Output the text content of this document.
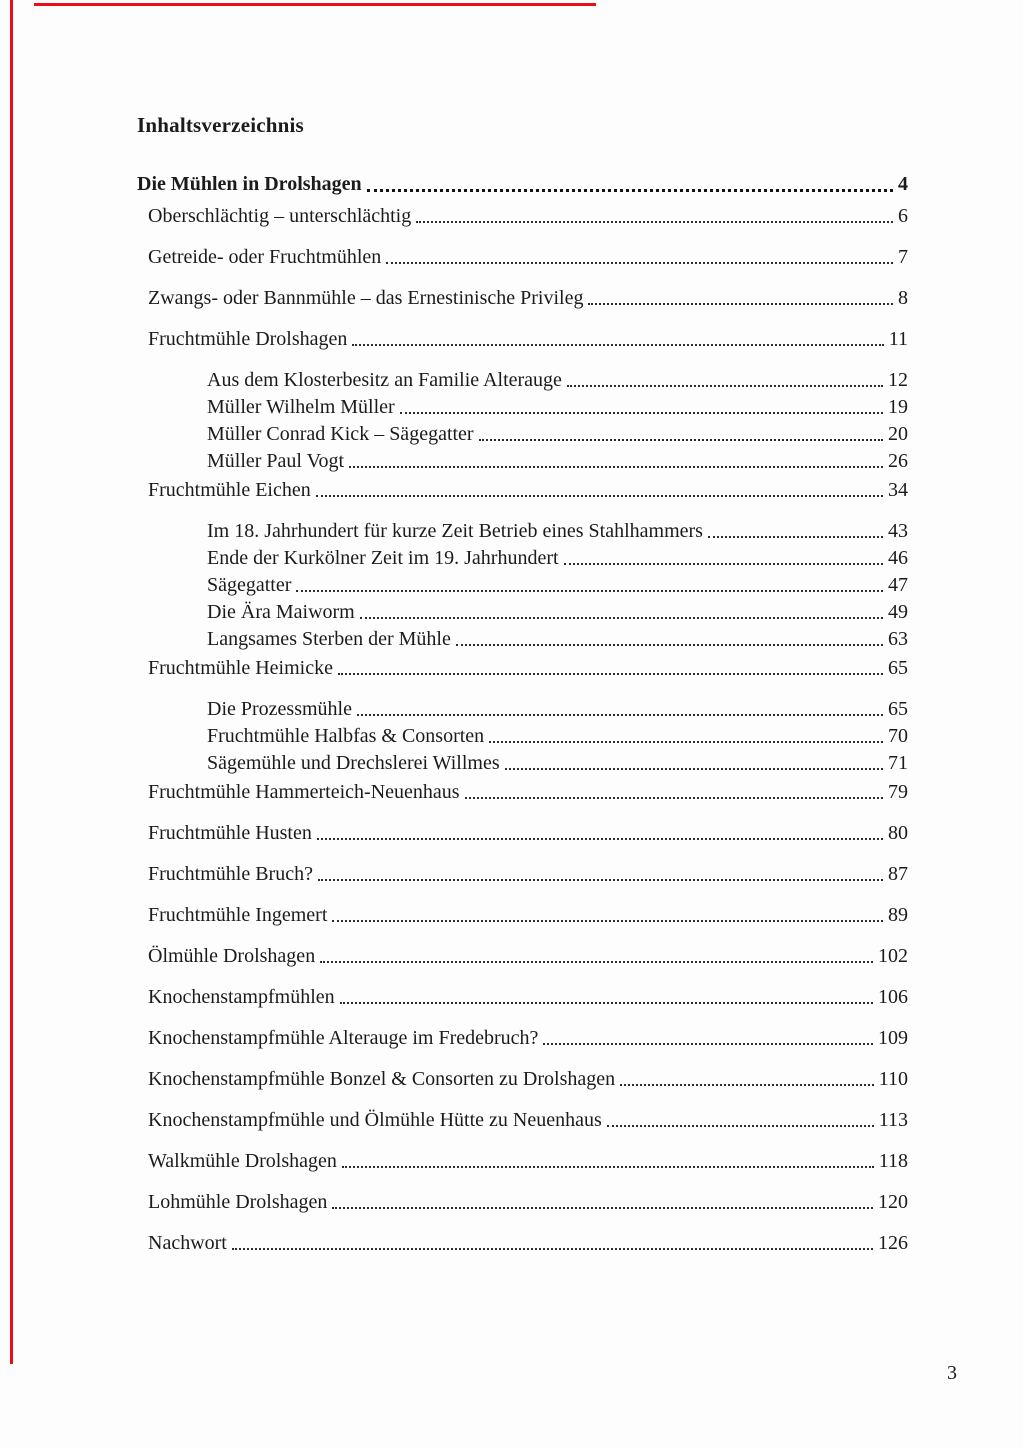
Inhaltsverzeichnis
Die Mühlen in Drolshagen	4
Oberschlächtig – unterschlächtig	6
Getreide- oder Fruchtmühlen	7
Zwangs- oder Bannmühle – das Ernestinische Privileg	8
Fruchtmühle Drolshagen	11
Aus dem Klosterbesitz an Familie Alterauge	12
Müller Wilhelm Müller	19
Müller Conrad Kick – Sägegatter	20
Müller Paul Vogt	26
Fruchtmühle Eichen	34
Im 18. Jahrhundert für kurze Zeit Betrieb eines Stahlhammers	43
Ende der Kurkölner Zeit im 19. Jahrhundert	46
Sägegatter	47
Die Ära Maiworm	49
Langsames Sterben der Mühle	63
Fruchtmühle Heimicke	65
Die Prozessmühle	65
Fruchtmühle Halbfas & Consorten	70
Sägemühle und Drechslerei Willmes	71
Fruchtmühle Hammerteich-Neuenhaus	79
Fruchtmühle Husten	80
Fruchtmühle Bruch?	87
Fruchtmühle Ingemert	89
Ölmühle Drolshagen	102
Knochenstampfmühlen	106
Knochenstampfmühle Alterauge im Fredebruch?	109
Knochenstampfmühle Bonzel & Consorten zu Drolshagen	110
Knochenstampfmühle und Ölmühle Hütte zu Neuenhaus	113
Walkmühle Drolshagen	118
Lohmühle Drolshagen	120
Nachwort	126
3
